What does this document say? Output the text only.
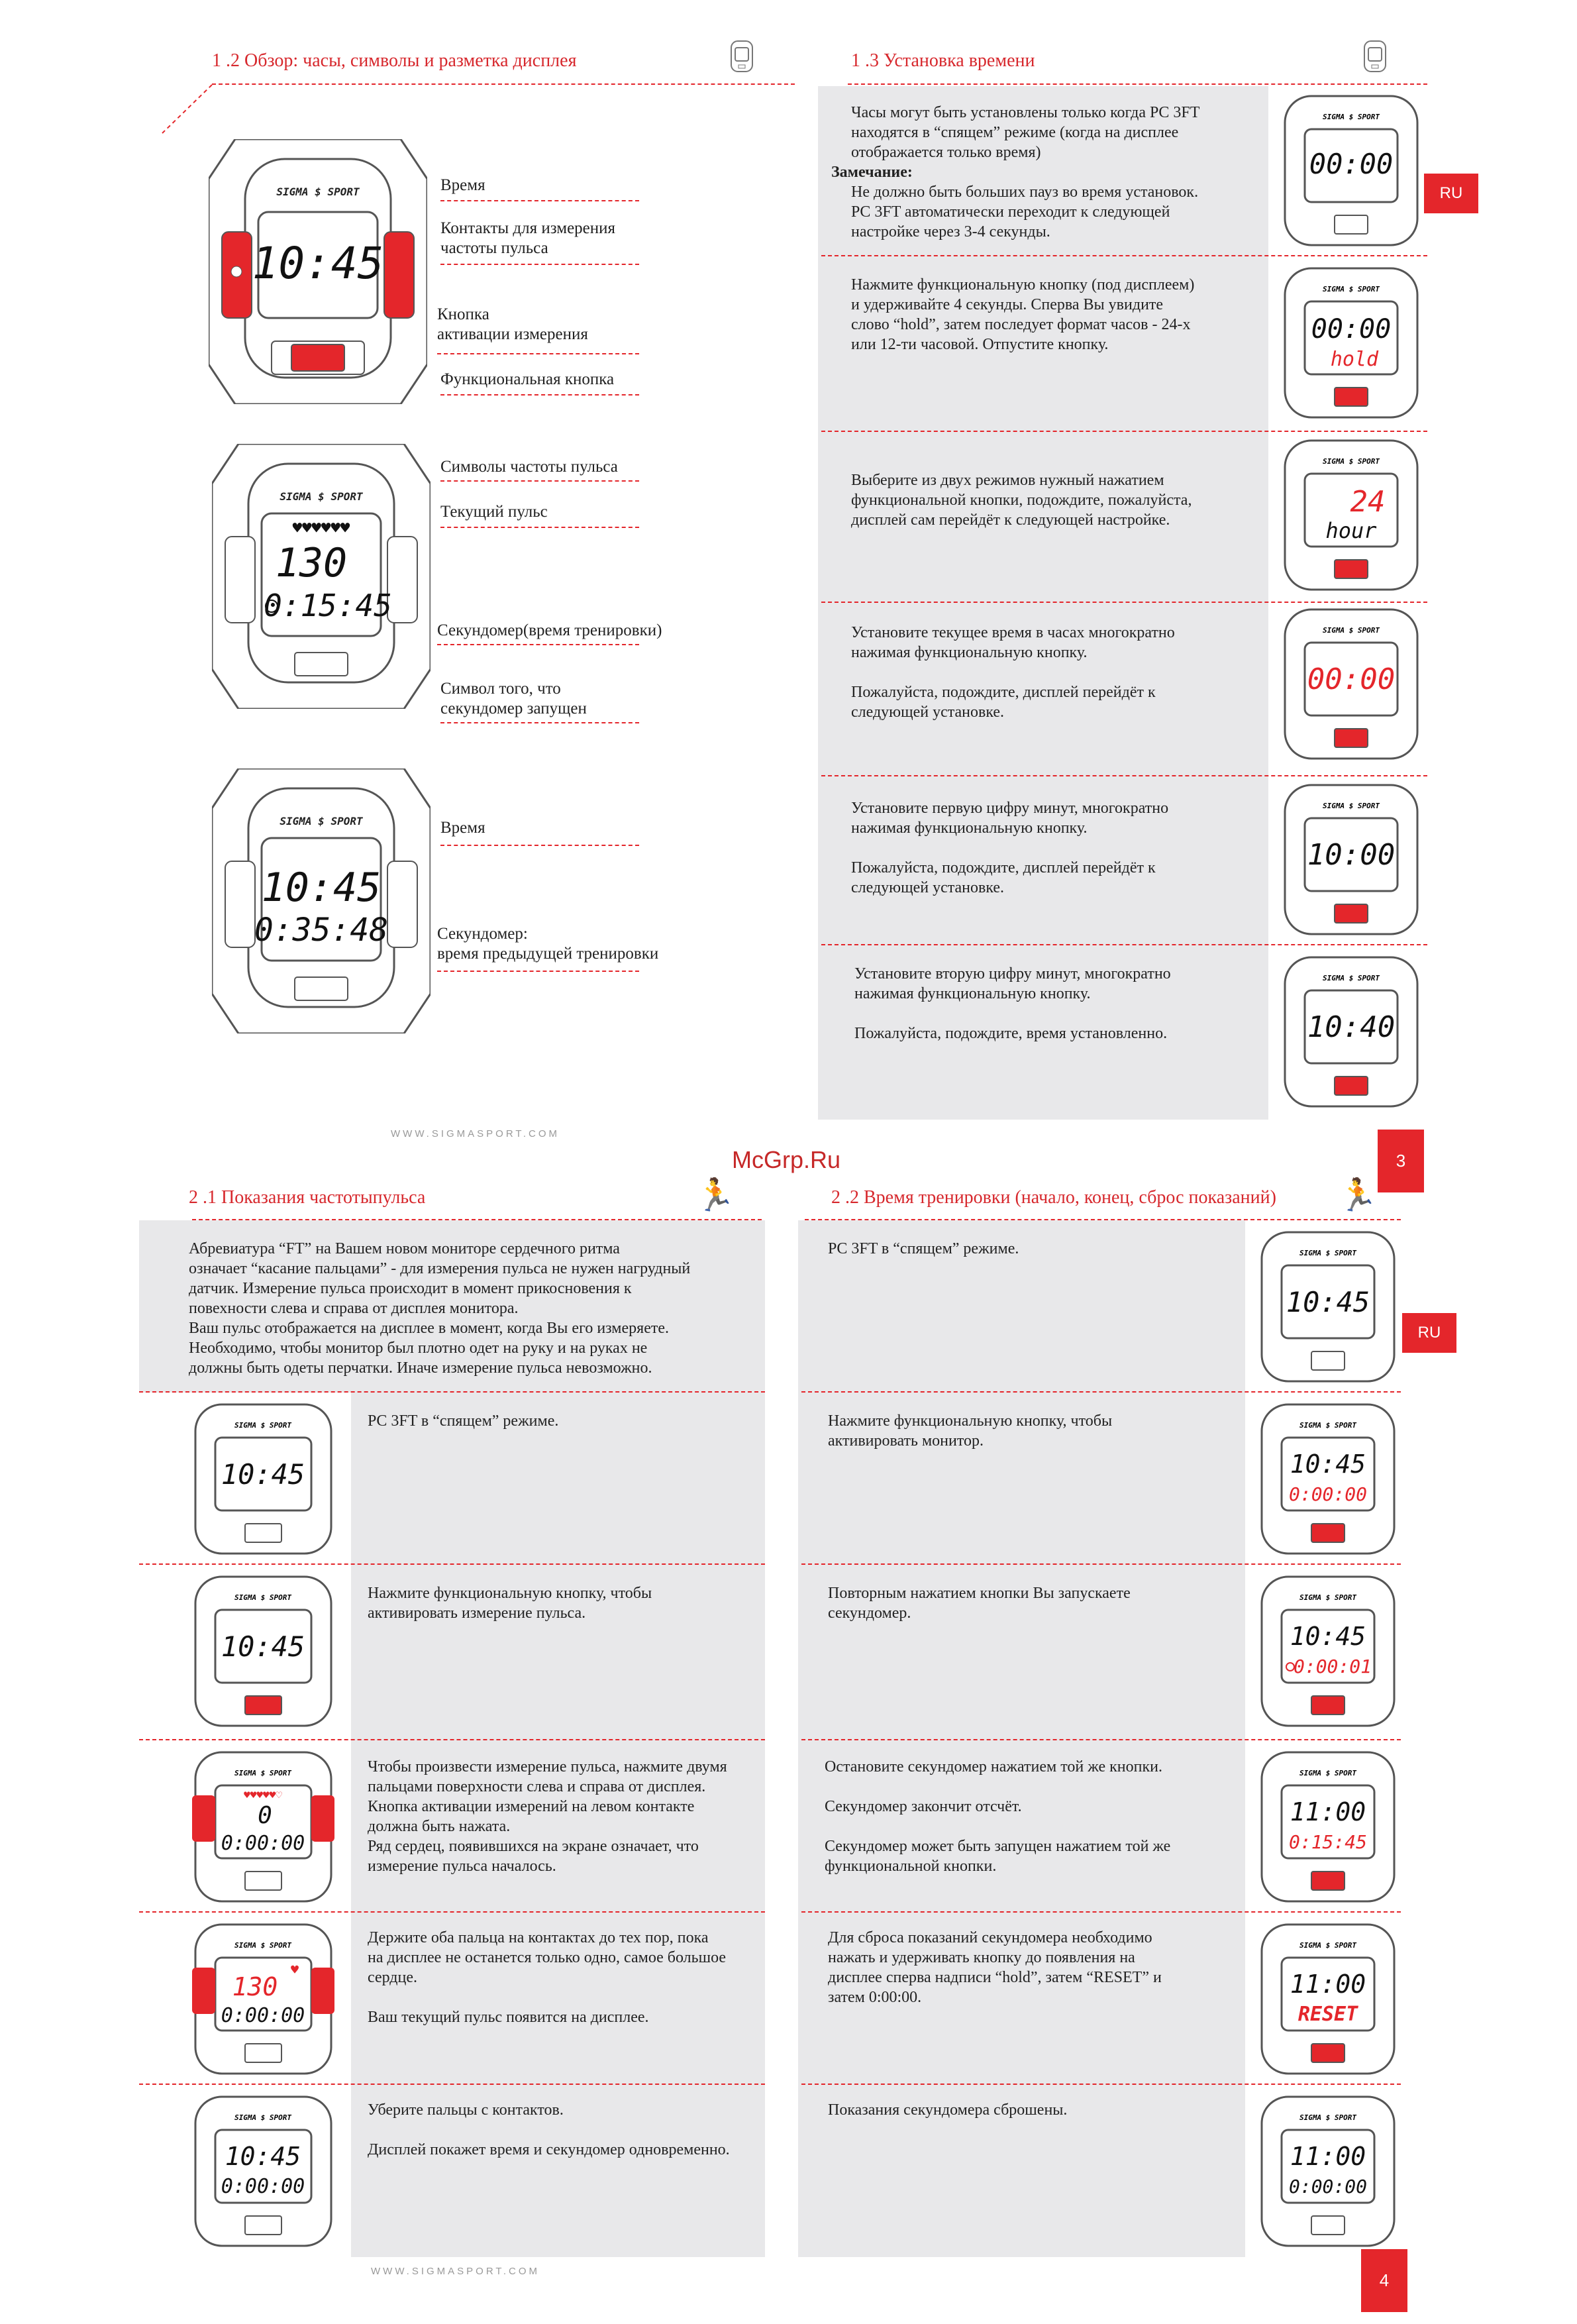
1 .2 Обзор: часы, символы и разметка дисплея
SIGMA $ SPORT
10:45
Время
Контакты для измерения
частоты пульса
Кнопка
активации измерения
Функциональная кнопка
SIGMA $ SPORT
♥♥♥♥♥♥
130
0:15:45
Символы частоты пульса
Текущий пульс
Секундомер(время тренировки)
Символ того, что
секундомер запущен
SIGMA $ SPORT
10:45
0:35:48
Время
Секундомер:
время предыдущей тренировки
WWW.SIGMASPORT.COM
1 .3 Установка времени
RU
Часы могут быть установлены только когда PC 3FT
находятся в “спящем” режиме (когда на дисплее
отображается только время)
Замечание:
Не должно быть больших пауз во время установок.
PC 3FT автоматически переходит к следующей
настройке через 3-4 секунды.
Нажмите функциональную кнопку (под дисплеем)
и удерживайте 4 секунды. Сперва Вы увидите
слово “hold”, затем последует формат часов - 24-х
или 12-ти часовой. Отпустите кнопку.
Выберите из двух режимов нужный нажатием
функциональной кнопки, подождите, пожалуйста,
дисплей сам перейдёт к следующей настройке.
Установите текущее время в часах многократно
нажимая функциональную кнопку.

Пожалуйста, подождите, дисплей перейдёт к
следующей установке.
Установите первую цифру минут, многократно
нажимая функциональную кнопку.

Пожалуйста, подождите, дисплей перейдёт к
следующей установке.
Установите вторую цифру минут, многократно
нажимая функциональную кнопку.

Пожалуйста, подождите, время установленно.
SIGMA $ SPORT
00:00
SIGMA $ SPORT
00:00
hold
SIGMA $ SPORT
24
hour
SIGMA $ SPORT
00:00
SIGMA $ SPORT
10:00
SIGMA $ SPORT
10:40
3
McGrp.Ru
2 .1 Показания частотыпульса	🏃
Абревиатура “FT” на Вашем новом мониторе сердечного ритма
означает “касание пальцами” - для измерения пульса не нужен нагрудный
датчик. Измерение пульса происходит в момент прикосновения к
повехности слева и справа от дисплея монитора.
Ваш пульс отображается на дисплее в момент, когда Вы его измеряете.
Необходимо, чтобы монитор был плотно одет на руку и на руках не
должны быть одеты перчатки. Иначе измерение пульса невозможно.
PC 3FT в “спящем” режиме.
Нажмите функциональную кнопку, чтобы
активировать измерение пульса.
Чтобы произвести измерение пульса, нажмите двумя
пальцами поверхности слева и справа от дисплея.
Кнопка активации измерений на левом контакте
должна быть нажата.
Ряд сердец, появившихся на экране означает, что
измерение пульса началось.
Держите оба пальца на контактах до тех пор, пока
на дисплее не останется только одно, самое большое
сердце.

Ваш текущий пульс появится на дисплее.
Уберите пальцы с контактов.

Дисплей покажет время и секундомер одновременно.
SIGMA $ SPORT
10:45
SIGMA $ SPORT
10:45
SIGMA $ SPORT
♥♥♥♥♥♡
0
0:00:00
SIGMA $ SPORT
♥
130
0:00:00
SIGMA $ SPORT
10:45
0:00:00
WWW.SIGMASPORT.COM
2 .2 Время тренировки (начало, конец, сброс показаний) 🏃
RU
PC 3FT в “спящем” режиме.
Нажмите функциональную кнопку, чтобы
активировать монитор.
Повторным нажатием кнопки Вы запускаете
секундомер.
Остановите секундомер нажатием той же кнопки.

Секундомер закончит отсчёт.

Секундомер может быть запущен нажатием той же
функциональной кнопки.
Для сброса показаний секундомера необходимо
нажать и удерживать кнопку до появления на
дисплее сперва надписи “hold”, затем “RESET” и
затем 0:00:00.
Показания секундомера сброшены.
SIGMA $ SPORT
10:45
SIGMA $ SPORT
10:45
0:00:00
SIGMA $ SPORT
10:45
0:00:01
SIGMA $ SPORT
11:00
0:15:45
SIGMA $ SPORT
11:00
RESET
SIGMA $ SPORT
11:00
0:00:00
4
